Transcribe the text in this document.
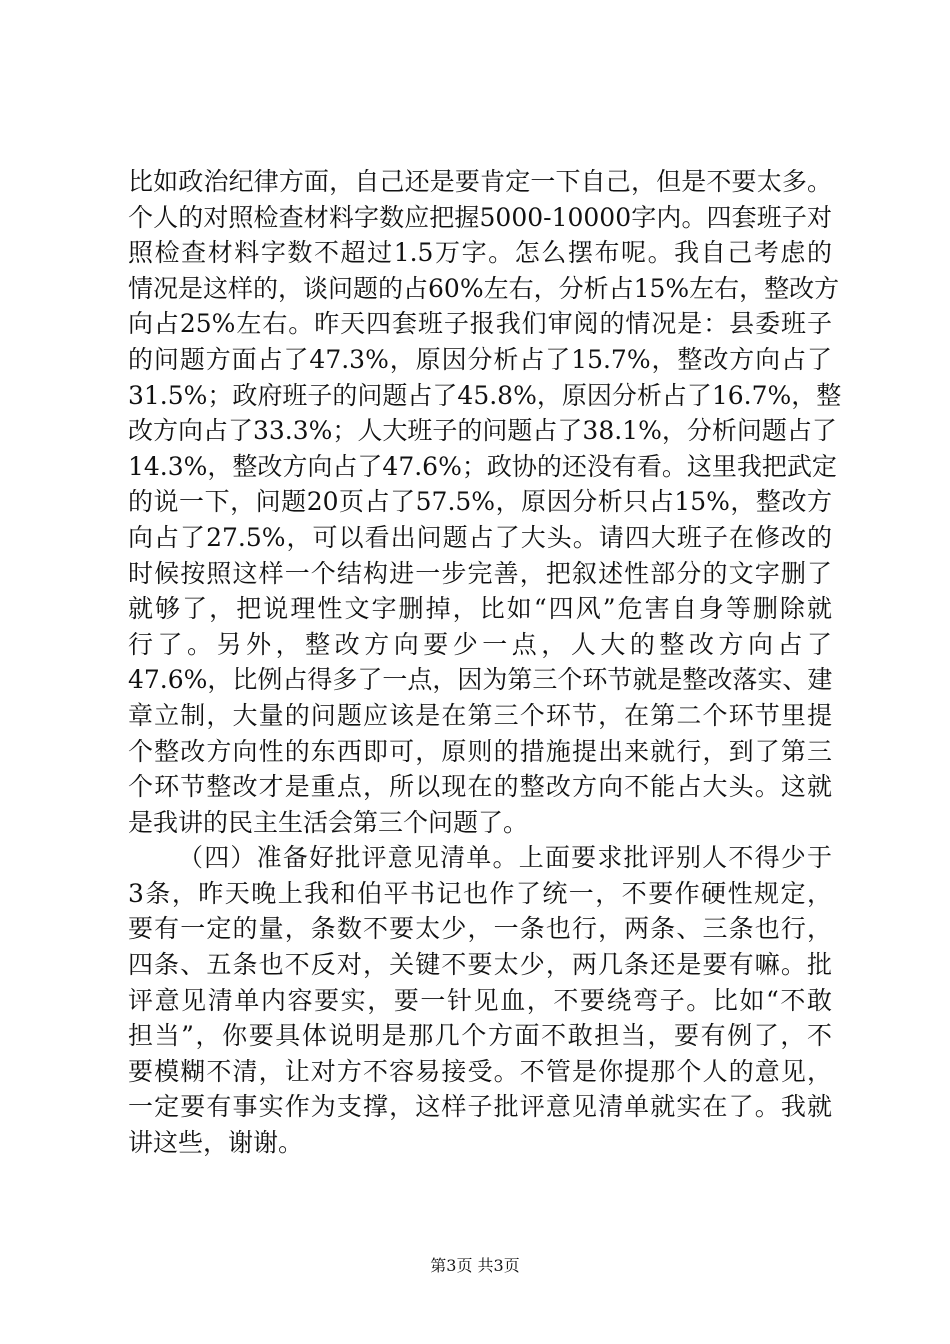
比如政治纪律方面，自己还是要肯定一下自己，但是不要太多。
个人的对照检查材料字数应把握5000-10000字内。四套班子对
照检查材料字数不超过1.5万字。怎么摆布呢。我自己考虑的
情况是这样的，谈问题的占60%左右，分析占15%左右，整改方
向占25%左右。昨天四套班子报我们审阅的情况是：县委班子
的问题方面占了47.3%，原因分析占了15.7%，整改方向占了
31.5%；政府班子的问题占了45.8%，原因分析占了16.7%，整
改方向占了33.3%；人大班子的问题占了38.1%，分析问题占了
14.3%，整改方向占了47.6%；政协的还没有看。这里我把武定
的说一下，问题20页占了57.5%，原因分析只占15%，整改方
向占了27.5%，可以看出问题占了大头。请四大班子在修改的
时候按照这样一个结构进一步完善，把叙述性部分的文字删了
就够了，把说理性文字删掉，比如“四风”危害自身等删除就
行了。另外，整改方向要少一点，人大的整改方向占了
47.6%，比例占得多了一点，因为第三个环节就是整改落实、建
章立制，大量的问题应该是在第三个环节，在第二个环节里提
个整改方向性的东西即可，原则的措施提出来就行，到了第三
个环节整改才是重点，所以现在的整改方向不能占大头。这就
是我讲的民主生活会第三个问题了。
（四）准备好批评意见清单。上面要求批评别人不得少于
3条，昨天晚上我和伯平书记也作了统一，不要作硬性规定，
要有一定的量，条数不要太少，一条也行，两条、三条也行，
四条、五条也不反对，关键不要太少，两几条还是要有嘛。批
评意见清单内容要实，要一针见血，不要绕弯子。比如“不敢
担当”，你要具体说明是那几个方面不敢担当，要有例了，不
要模糊不清，让对方不容易接受。不管是你提那个人的意见，
一定要有事实作为支撑，这样子批评意见清单就实在了。我就
讲这些，谢谢。
第3页 共3页
